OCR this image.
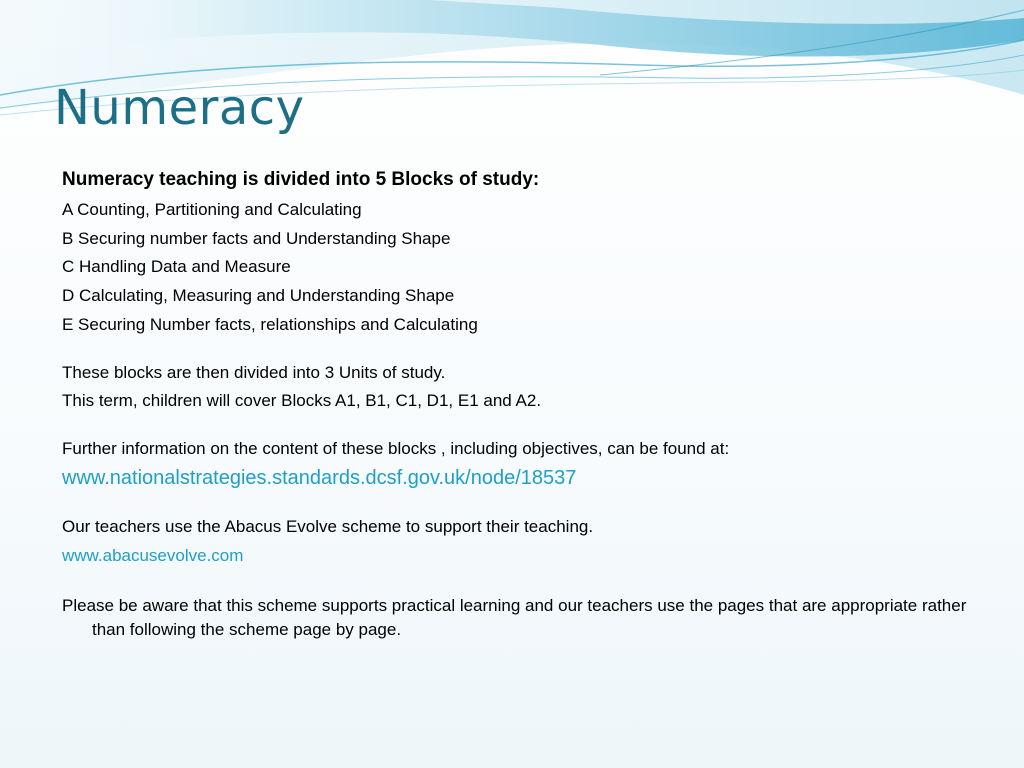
Numeracy
Numeracy teaching is divided into 5 Blocks of study:
A Counting, Partitioning and Calculating
B Securing number facts and Understanding Shape
C Handling Data and Measure
D Calculating, Measuring and Understanding Shape
E Securing Number facts, relationships and Calculating
These blocks are then divided into 3 Units of study.
This term, children will cover Blocks A1, B1, C1, D1, E1 and A2.
Further information on the content of these blocks , including objectives, can be found at:
www.nationalstrategies.standards.dcsf.gov.uk/node/18537
Our teachers use the Abacus Evolve scheme to support their teaching.
www.abacusevolve.com
Please be aware that this scheme supports practical learning and our teachers use the pages that are appropriate rather than following the scheme page by page.
